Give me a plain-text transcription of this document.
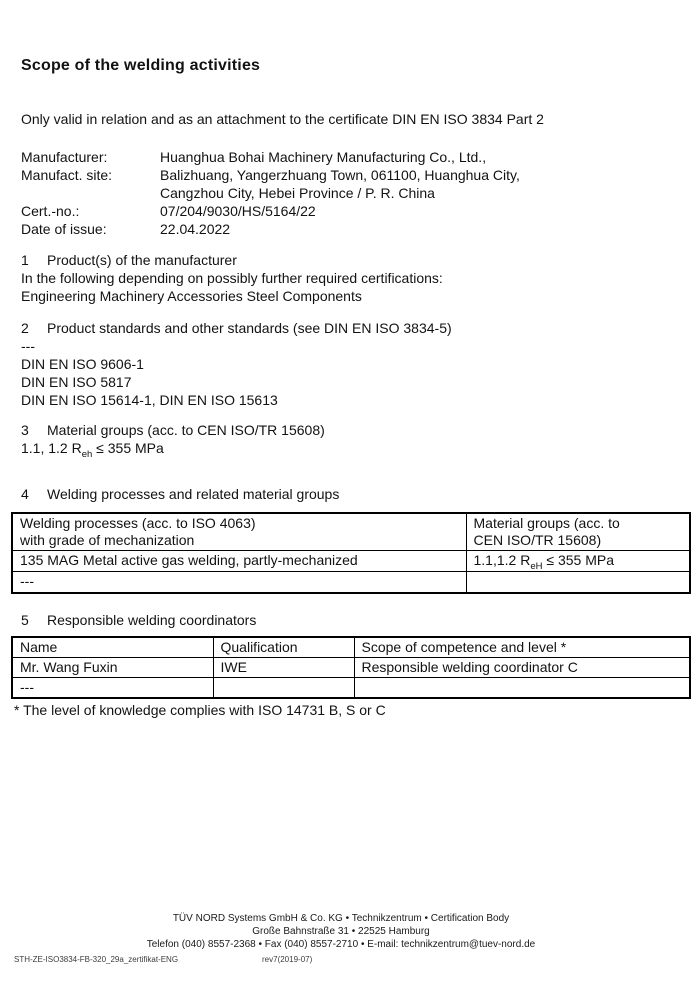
Scope of the welding activities

Only valid in relation and as an attachment to the certificate DIN EN ISO 3834 Part 2

Manufacturer:	Huanghua Bohai Machinery Manufacturing Co., Ltd.,
Manufact. site:	Balizhuang, Yangerzhuang Town, 061100, Huanghua City,
Cangzhou City, Hebei Province / P. R. China
Cert.-no.:	07/204/9030/HS/5164/22
Date of issue:	22.04.2022
1 Product(s) of the manufacturer
In the following depending on possibly further required certifications:
Engineering Machinery Accessories Steel Components
2 Product standards and other standards (see DIN EN ISO 3834-5)
---
DIN EN ISO 9606-1
DIN EN ISO 5817
DIN EN ISO 15614-1, DIN EN ISO 15613
3 Material groups (acc. to CEN ISO/TR 15608)
1.1, 1.2 $R_{eh} \le 355$ MPa
4 Welding processes and related material groups
Welding processes (acc. to ISO 4063)
with grade of mechanization	Material groups (acc. to
CEN ISO/TR 15608)
135 MAG Metal active gas welding, partly-mechanized	1.1,1.2 $R_{eH} \le 355$ MPa
---	
5 Responsible welding coordinators
Name	Qualification	Scope of competence and level *
Mr. Wang Fuxin	IWE	Responsible welding coordinator C
---		

* The level of knowledge complies with ISO 14731 B, S or C

TÜV NORD Systems GmbH & Co. KG • Technikzentrum • Certification Body
Große Bahnstraße 31 • 22525 Hamburg
Telefon (040) 8557-2368 • Fax (040) 8557-2710 • E-mail: technikzentrum@tuev-nord.de
STH-ZE-ISO3834-FB-320_29a_zertifikat-ENG	rev7(2019-07)
